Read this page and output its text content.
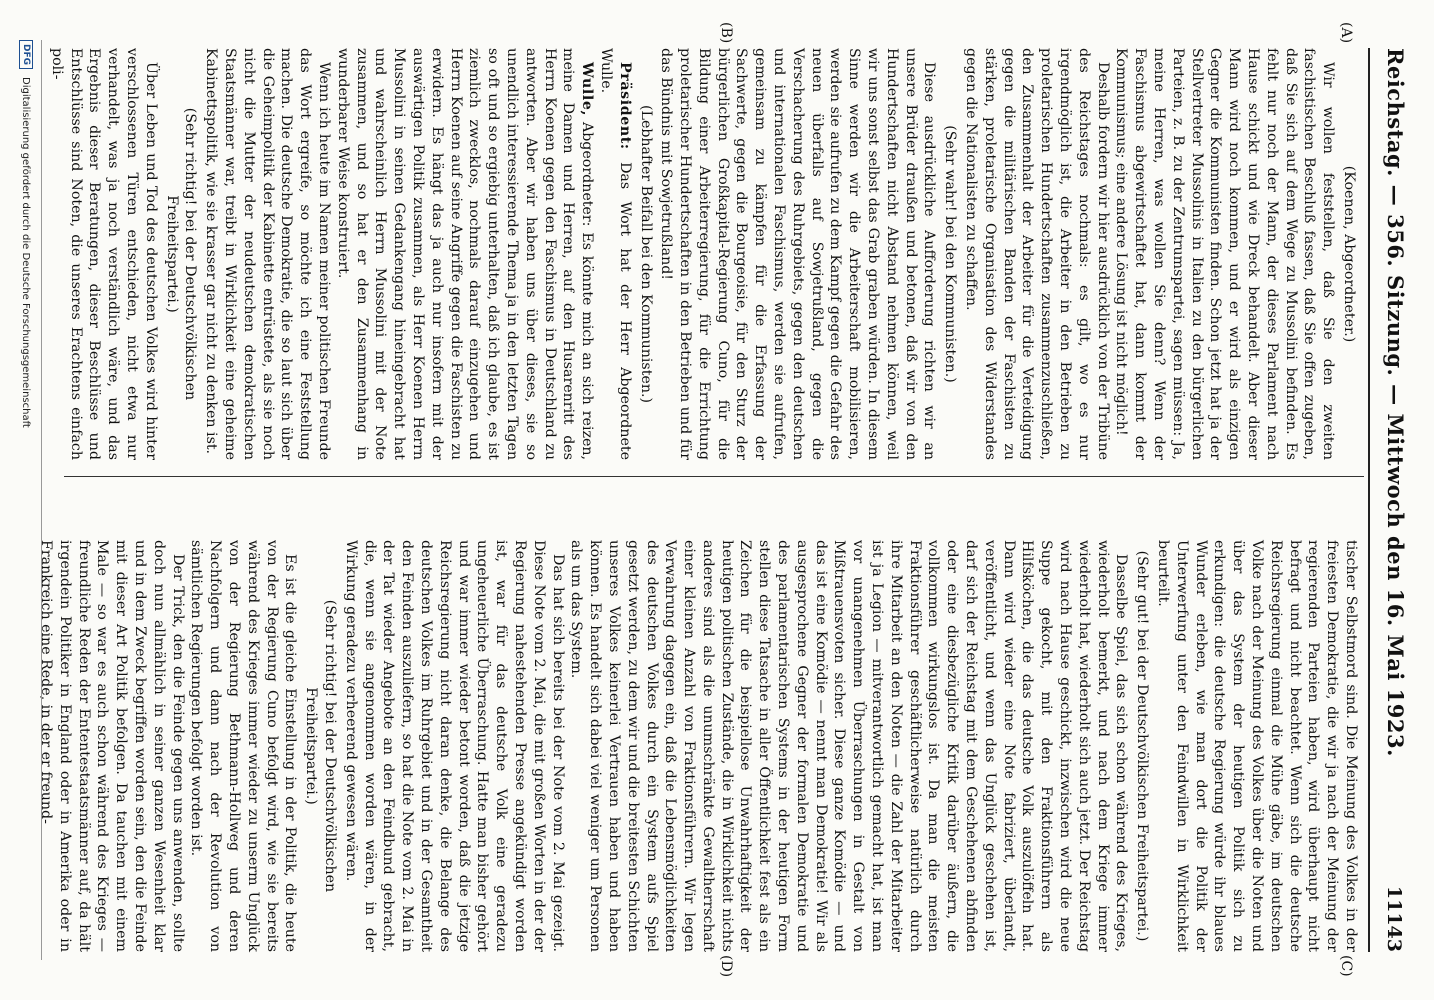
Reichstag. — 356. Sitzung. — Mittwoch den 16. Mai 1923.
11143
(A)
(B)
(C)
(D)

(Koenen, Abgeordneter.)

Wir wollen feststellen, daß Sie den zweiten faschistischen Beschluß fassen, daß Sie offen zugeben, daß Sie sich auf dem Wege zu Mussolini befinden. Es fehlt nur noch der Mann, der dieses Parlament nach Hause schickt und wie Dreck behandelt. Aber dieser Mann wird noch kommen, und er wird als einzigen Gegner die Kommunisten finden. Schon jetzt hat ja der Stellvertreter Mussolinis in Italien zu den bürgerlichen Parteien, z. B. zu der Zentrumspartei, sagen müssen: Ja, meine Herren, was wollen Sie denn? Wenn der Faschismus abgewirtschaftet hat, dann kommt der Kommunismus; eine andere Lösung ist nicht möglich!

Deshalb fordern wir hier ausdrücklich von der Tribüne des Reichstages nochmals: es gilt, wo es nur irgendmöglich ist, die Arbeiter in den Betrieben zu proletarischen Hundertschaften zusammenzuschließen, den Zusammenhalt der Arbeiter für die Verteidigung gegen die militärischen Banden der Faschisten zu stärken, proletarische Organisation des Widerstandes gegen die Nationalisten zu schaffen.

(Sehr wahr! bei den Kommunisten.)

Diese ausdrückliche Aufforderung richten wir an unsere Brüder draußen und betonen, daß wir von den Hundertschaften nicht Abstand nehmen können, weil wir uns sonst selbst das Grab graben würden. In diesem Sinne werden wir die Arbeiterschaft mobilisieren, werden sie aufrufen zu dem Kampf gegen die Gefahr des neuen überfalls auf Sowjetrußland, gegen die Verschacherung des Ruhrgebiets, gegen den deutschen und internationalen Faschismus, werden sie aufrufen, gemeinsam zu kämpfen für die Erfassung der Sachwerte, gegen die Bourgeoisie, für den Sturz der bürgerlichen Großkapital-Regierung Cuno, für die Bildung einer Arbeiterregierung, für die Errichtung proletarischer Hundertschaften in den Betrieben und für das Bündnis mit Sowjetrußland!

(Lebhafter Beifall bei den Kommunisten.)

Präsident: Das Wort hat der Herr Abgeordnete Wulle.

Wulle, Abgeordneter: Es könnte mich an sich reizen, meine Damen und Herren, auf den Husarenritt des Herrn Koenen gegen den Faschismus in Deutschland zu antworten. Aber wir haben uns über dieses, sie so unendlich interessierende Thema ja in den letzten Tagen so oft und so ergiebig unterhalten, daß ich glaube, es ist ziemlich zwecklos, nochmals darauf einzugehen und Herrn Koenen auf seine Angriffe gegen die Faschisten zu erwidern. Es hängt das ja auch nur insofern mit der auswärtigen Politik zusammen, als Herr Koenen Herrn Mussolini in seinen Gedankengang hineingebracht hat und wahrscheinlich Herrn Mussolini mit der Note zusammen, und so hat er den Zusammenhang in wunderbarer Weise konstruiert.

Wenn ich heute im Namen meiner politischen Freunde das Wort ergreife, so möchte ich eine Feststellung machen. Die deutsche Demokratie, die so laut sich über die Geheimpolitik der Kabinette entrüstete, als sie noch nicht die Mutter der neudeutschen demokratischen Staatsmänner war, treibt in Wirklichkeit eine geheime Kabinettspolitik, wie sie krasser gar nicht zu denken ist.

(Sehr richtig! bei der Deutschvölkischen Freiheitspartei.)

Über Leben und Tod des deutschen Volkes wird hinter verschlossenen Türen entschieden, nicht etwa nur verhandelt, was ja noch verständlich wäre, und das Ergebnis dieser Beratungen, dieser Beschlüsse und Entschlüsse sind Noten, die unseres Erachtens einfach poli-

tischer Selbstmord sind. Die Meinung des Volkes in der freiesten Demokratie, die wir ja nach der Meinung der regierenden Parteien haben, wird überhaupt nicht befragt und nicht beachtet. Wenn sich die deutsche Reichsregierung einmal die Mühe gäbe, im deutschen Volke nach der Meinung des Volkes über die Noten und über das System der heutigen Politik sich zu erkundigen: die deutsche Regierung würde ihr blaues Wunder erleben, wie man dort die Politik der Unterwerfung unter den Feindwillen in Wirklichkeit beurteilt.

(Sehr gut! bei der Deutschvölkischen Freiheitspartei.)

Dasselbe Spiel, das sich schon während des Krieges, wiederholt bemerkt, und nach dem Kriege immer wiederholt hat, wiederholt sich auch jetzt. Der Reichstag wird nach Hause geschickt, inzwischen wird die neue Suppe gekocht, mit den Fraktionsführern als Hilfsköchen, die das deutsche Volk auszulöffeln hat. Dann wird wieder eine Note fabriziert, überlandt, veröffentlicht, und wenn das Unglück geschehen ist, darf sich der Reichstag mit dem Geschehenen abfinden oder eine diesbezügliche Kritik darüber äußern, die vollkommen wirkungslos ist. Da man die meisten Fraktionsführer geschäftlicherweise natürlich durch ihre Mitarbeit an den Noten — die Zahl der Mitarbeiter ist ja Legion — mitverantwortlich gemacht hat, ist man vor unangenehmen Überraschungen in Gestalt von Mißtrauensvoten sicher. Diese ganze Komödie — und das ist eine Komödie — nennt man Demokratie! Wir als ausgesprochene Gegner der formalen Demokratie und des parlamentarischen Systems in der heutigen Form stellen diese Tatsache in aller Öffentlichkeit fest als ein Zeichen für die beispiellose Unwahrhaftigkeit der heutigen politischen Zustände, die in Wirklichkeit nichts anderes sind als die unumschränkte Gewaltherrschaft einer kleinen Anzahl von Fraktionsführern. Wir legen Verwahrung dagegen ein, daß die Lebensmöglichkeiten des deutschen Volkes durch ein System aufs Spiel gesetzt werden, zu dem wir und die breitesten Schichten unseres Volkes keinerlei Vertrauen haben und haben können. Es handelt sich dabei viel weniger um Personen als um das System.

Das hat sich bereits bei der Note vom 2. Mai gezeigt. Diese Note vom 2. Mai, die mit großen Worten in der der Regierung nahestehenden Presse angekündigt worden ist, war für das deutsche Volk eine geradezu ungeheuerliche Überraschung. Hatte man bisher gehört und war immer wieder betont worden, daß die jetzige Reichsregierung nicht daran denke, die Belange des deutschen Volkes im Ruhrgebiet und in der Gesamtheit den Feinden auszuliefern, so hat die Note vom 2. Mai in der Tat wieder Angebote an den Feindbund gebracht, die, wenn sie angenommen worden wären, in der Wirkung geradezu verheerend gewesen wären.

(Sehr richtig! bei der Deutschvölkischen Freiheitspartei.)

Es ist die gleiche Einstellung in der Politik, die heute von der Regierung Cuno befolgt wird, wie sie bereits während des Krieges immer wieder zu unserm Unglück von der Regierung Bethmann-Hollweg und deren Nachfolgern und dann nach der Revolution von sämtlichen Regierungen befolgt worden ist.

Der Trick, den die Feinde gegen uns anwenden, sollte doch nun allmählich in seiner ganzen Wesenheit klar und in dem Zweck begriffen worden sein, den die Feinde mit dieser Art Politik befolgen. Da tauchen mit einem Male — so war es auch schon während des Krieges — freundliche Reden der Ententestaatsmänner auf, da hält irgendein Politiker in England oder in Amerika oder in Frankreich eine Rede, in der er freund-

DFG
Digitalisierung gefördert durch die Deutsche Forschungsgemeinschaft
